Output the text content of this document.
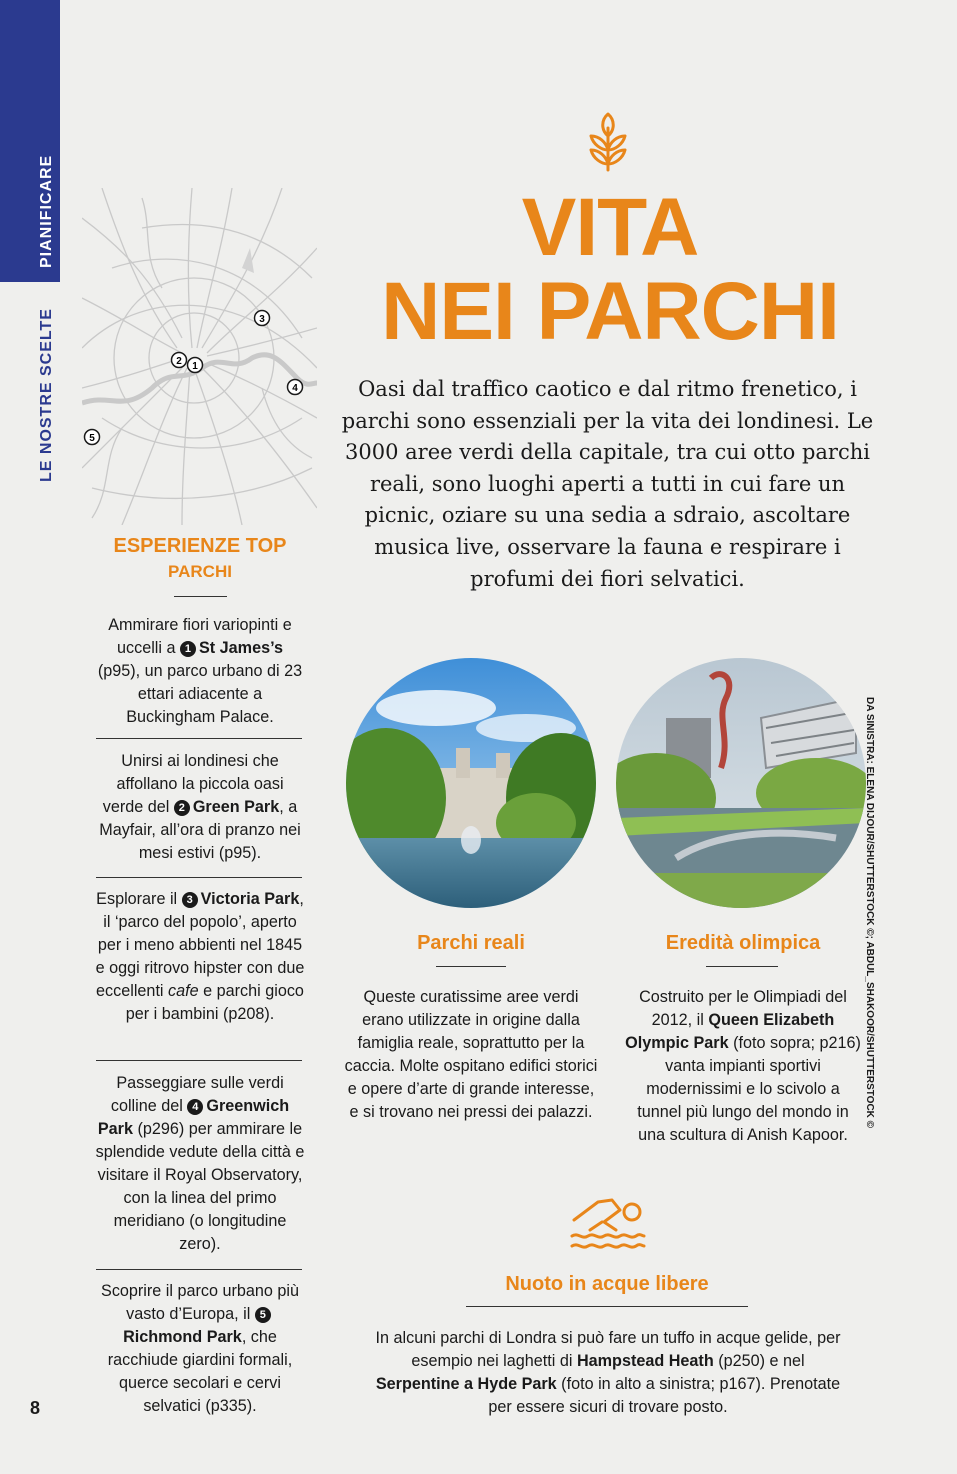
PIANIFICARE
LE NOSTRE SCELTE
8
2 1
3
4
5
ESPERIENZE TOP
PARCHI
Ammirare fiori variopinti e uccelli a 1 St James’s (p95), un parco urbano di 23 ettari adiacente a Buckingham Palace.
Unirsi ai londinesi che affollano la piccola oasi verde del 2 Green Park, a Mayfair, all’ora di pranzo nei mesi estivi (p95).
Esplorare il 3 Victoria Park, il ‘parco del popolo’, aperto per i meno abbienti nel 1845 e oggi ritrovo hipster con due eccellenti cafe e parchi gioco per i bambini (p208).
Passeggiare sulle verdi colline del 4 Greenwich Park (p296) per ammirare le splendide vedute della città e visitare il Royal Observatory, con la linea del primo meridiano (o longitudine zero).
Scoprire il parco urbano più vasto d’Europa, il 5Richmond Park, che racchiude giardini formali, querce secolari e cervi selvatici (p335).
VITA
NEI PARCHI
Oasi dal traffico caotico e dal ritmo frenetico, i parchi sono essenziali per la vita dei londinesi. Le 3000 aree verdi della capitale, tra cui otto parchi reali, sono luoghi aperti a tutti in cui fare un picnic, oziare su una sedia a sdraio, ascoltare musica live, osservare la fauna e respirare i profumi dei fiori selvatici.
DA SINISTRA: ELENA DIJOUR/SHUTTERSTOCK ©; ABDUL_SHAKOOR/SHUTTERSTOCK ©
Parchi reali
Queste curatissime aree verdi erano utilizzate in origine dalla famiglia reale, soprattutto per la caccia. Molte ospitano edifici storici e opere d’arte di grande interesse, e si trovano nei pressi dei palazzi.
Eredità olimpica
Costruito per le Olimpiadi del 2012, il Queen Elizabeth Olympic Park (foto sopra; p216) vanta impianti sportivi modernissimi e lo scivolo a tunnel più lungo del mondo in una scultura di Anish Kapoor.
Nuoto in acque libere
In alcuni parchi di Londra si può fare un tuffo in acque gelide, per esempio nei laghetti di Hampstead Heath (p250) e nel Serpentine a Hyde Park (foto in alto a sinistra; p167). Prenotate per essere sicuri di trovare posto.
